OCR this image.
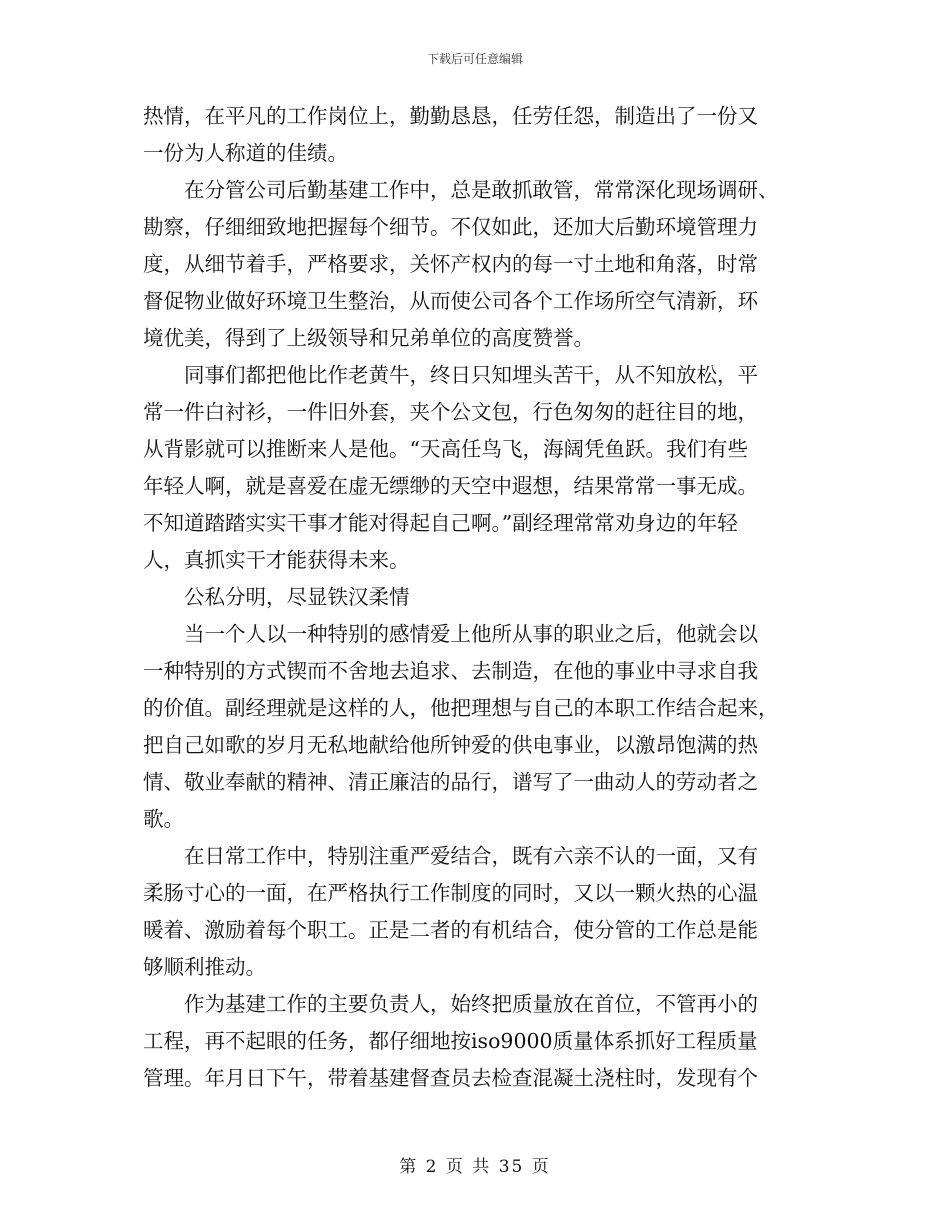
下载后可任意编辑
热情，在平凡的工作岗位上，勤勤恳恳，任劳任怨，制造出了一份又
一份为人称道的佳绩。
　　在分管公司后勤基建工作中，总是敢抓敢管，常常深化现场调研、
勘察，仔细细致地把握每个细节。不仅如此，还加大后勤环境管理力
度，从细节着手，严格要求，关怀产权内的每一寸土地和角落，时常
督促物业做好环境卫生整治，从而使公司各个工作场所空气清新，环
境优美，得到了上级领导和兄弟单位的高度赞誉。
　　同事们都把他比作老黄牛，终日只知埋头苦干，从不知放松，平
常一件白衬衫，一件旧外套，夹个公文包，行色匆匆的赶往目的地，
从背影就可以推断来人是他。“天高任鸟飞，海阔凭鱼跃。我们有些
年轻人啊，就是喜爱在虚无缥缈的天空中遐想，结果常常一事无成。
不知道踏踏实实干事才能对得起自己啊。”副经理常常劝身边的年轻
人，真抓实干才能获得未来。
　　公私分明，尽显铁汉柔情
　　当一个人以一种特别的感情爱上他所从事的职业之后，他就会以
一种特别的方式锲而不舍地去追求、去制造，在他的事业中寻求自我
的价值。副经理就是这样的人，他把理想与自己的本职工作结合起来，
把自己如歌的岁月无私地献给他所钟爱的供电事业，以激昂饱满的热
情、敬业奉献的精神、清正廉洁的品行，谱写了一曲动人的劳动者之
歌。
　　在日常工作中，特别注重严爱结合，既有六亲不认的一面，又有
柔肠寸心的一面，在严格执行工作制度的同时，又以一颗火热的心温
暖着、激励着每个职工。正是二者的有机结合，使分管的工作总是能
够顺利推动。
　　作为基建工作的主要负责人，始终把质量放在首位，不管再小的
工程，再不起眼的任务，都仔细地按iso9000质量体系抓好工程质量
管理。年月日下午，带着基建督查员去检查混凝土浇柱时，发现有个
第 2 页 共 35 页
